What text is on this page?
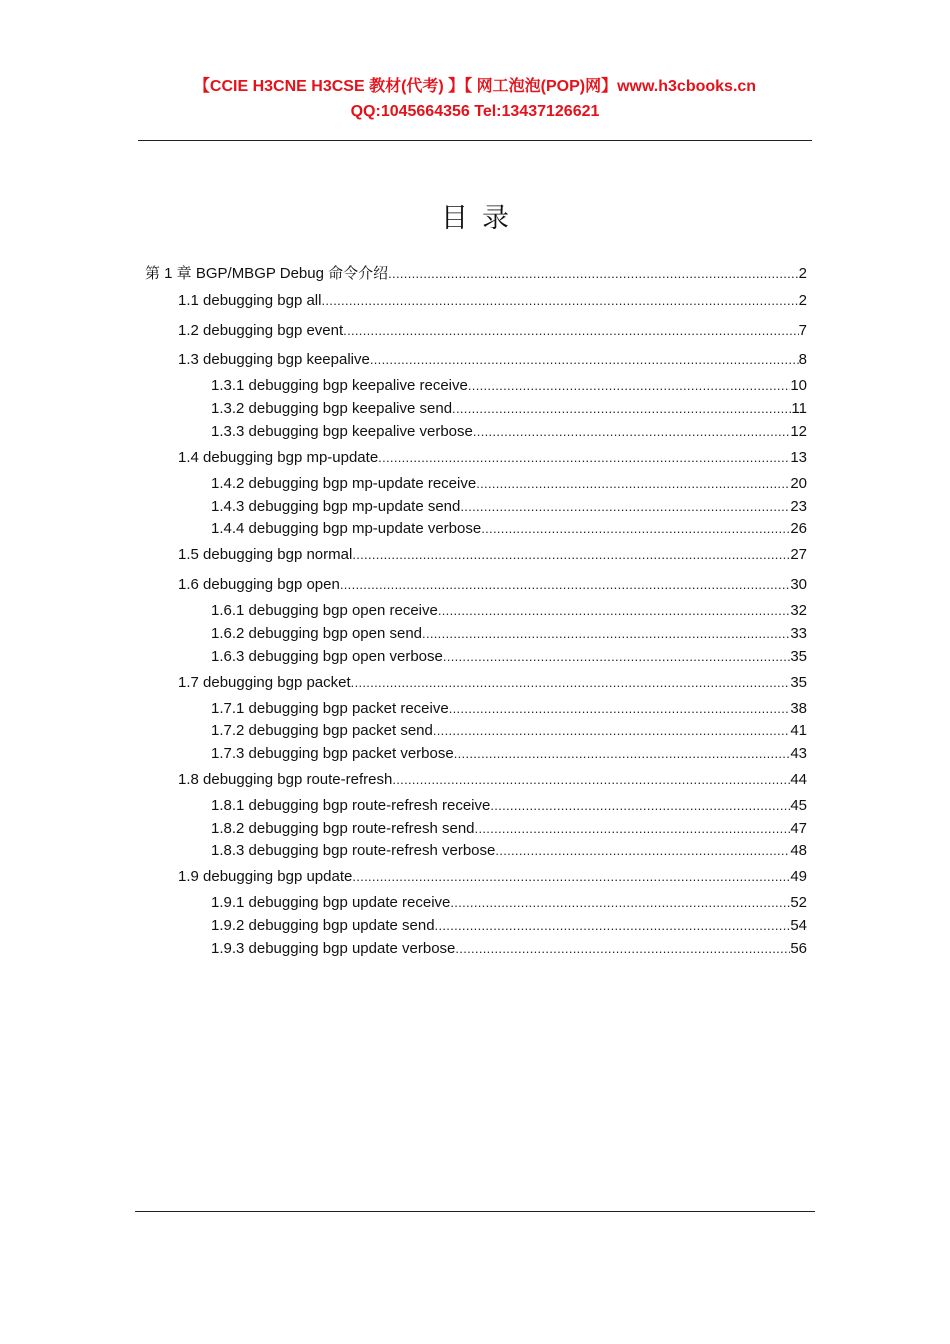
【CCIE H3CNE H3CSE 教材(代考) 】【 网工泡泡(POP)网】www.h3cbooks.cn
QQ:1045664356 Tel:13437126621
目录
第 1 章 BGP/MBGP Debug 命令介绍 .....	2
1.1 debugging bgp all .....	2
1.2 debugging bgp event .....	7
1.3 debugging bgp keepalive .....	8
1.3.1 debugging bgp keepalive receive .....	10
1.3.2 debugging bgp keepalive send .....	11
1.3.3 debugging bgp keepalive verbose .....	12
1.4 debugging bgp mp-update .....	13
1.4.2 debugging bgp mp-update receive .....	20
1.4.3 debugging bgp mp-update send .....	23
1.4.4 debugging bgp mp-update verbose .....	26
1.5 debugging bgp normal .....	27
1.6 debugging bgp open .....	30
1.6.1 debugging bgp open receive .....	32
1.6.2 debugging bgp open send .....	33
1.6.3 debugging bgp open verbose .....	35
1.7 debugging bgp packet .....	35
1.7.1 debugging bgp packet receive .....	38
1.7.2 debugging bgp packet send .....	41
1.7.3 debugging bgp packet verbose .....	43
1.8 debugging bgp route-refresh .....	44
1.8.1 debugging bgp route-refresh receive .....	45
1.8.2 debugging bgp route-refresh send .....	47
1.8.3 debugging bgp route-refresh verbose .....	48
1.9 debugging bgp update .....	49
1.9.1 debugging bgp update receive .....	52
1.9.2 debugging bgp update send .....	54
1.9.3 debugging bgp update verbose .....	56
